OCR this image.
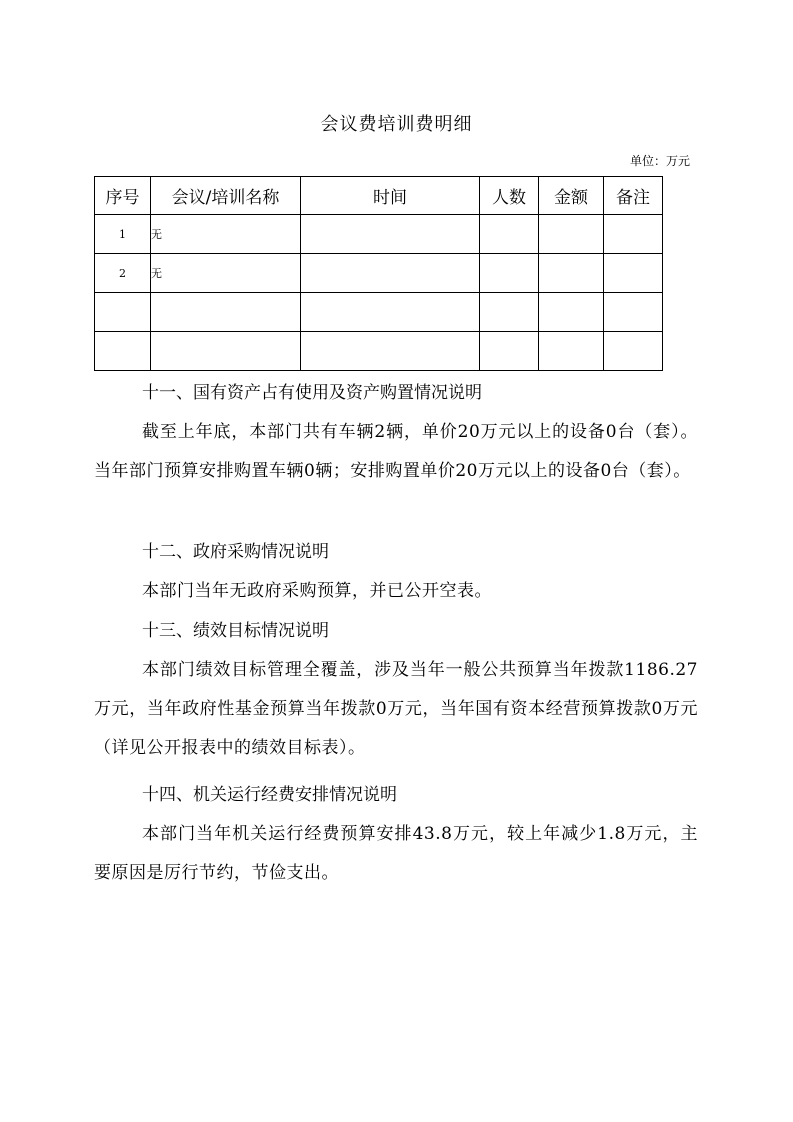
会议费培训费明细
单位：万元
序号	会议/培训名称	时间	人数	金额	备注
1	无				
2	无				

十一、国有资产占有使用及资产购置情况说明
截至上年底，本部门共有车辆2辆，单价20万元以上的设备0台（套）。当年部门预算安排购置车辆0辆；安排购置单价20万元以上的设备0台（套）。
十二、政府采购情况说明
本部门当年无政府采购预算，并已公开空表。
十三、绩效目标情况说明
本部门绩效目标管理全覆盖，涉及当年一般公共预算当年拨款1186.27万元，当年政府性基金预算当年拨款0万元，当年国有资本经营预算拨款0万元（详见公开报表中的绩效目标表）。
十四、机关运行经费安排情况说明
本部门当年机关运行经费预算安排43.8万元，较上年减少1.8万元，主要原因是厉行节约，节俭支出。
